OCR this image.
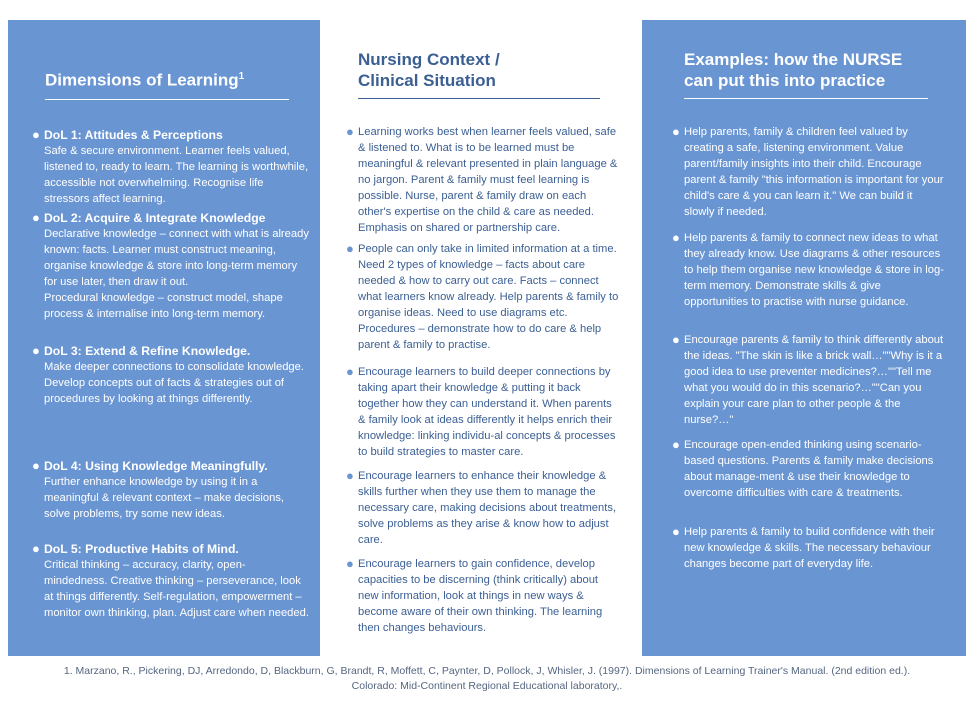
Dimensions of Learning$^1$
● DoL 1: Attitudes & Perceptions
Safe & secure environment. Learner feels valued, listened to, ready to learn. The learning is worthwhile, accessible not overwhelming. Recognise life stressors affect learning.
● DoL 2: Acquire & Integrate Knowledge
Declarative knowledge – connect with what is already known: facts. Learner must construct meaning, organise knowledge & store into long-term memory for use later, then draw it out.
Procedural knowledge – construct model, shape process & internalise into long-term memory.
● DoL 3: Extend & Refine Knowledge.
Make deeper connections to consolidate knowledge. Develop concepts out of facts & strategies out of procedures by looking at things differently.
● DoL 4: Using Knowledge Meaningfully.
Further enhance knowledge by using it in a meaningful & relevant context – make decisions, solve problems, try some new ideas.
● DoL 5: Productive Habits of Mind.
Critical thinking – accuracy, clarity, open-mindedness. Creative thinking – perseverance, look at things differently. Self-regulation, empowerment – monitor own thinking, plan. Adjust care when needed.
Nursing Context /
Clinical Situation
● Learning works best when learner feels valued, safe & listened to. What is to be learned must be meaningful & relevant presented in plain language & no jargon. Parent & family must feel learning is possible. Nurse, parent & family draw on each other's expertise on the child & care as needed. Emphasis on shared or partnership care.
● People can only take in limited information at a time. Need 2 types of knowledge – facts about care needed & how to carry out care. Facts – connect what learners know already. Help parents & family to organise ideas. Need to use diagrams etc. Procedures – demonstrate how to do care & help parent & family to practise.
● Encourage learners to build deeper connections by taking apart their knowledge & putting it back together how they can understand it. When parents & family look at ideas differently it helps enrich their knowledge: linking individu-al concepts & processes to build strategies to master care.
● Encourage learners to enhance their knowledge & skills further when they use them to manage the necessary care, making decisions about treatments, solve problems as they arise & know how to adjust care.
● Encourage learners to gain confidence, develop capacities to be discerning (think critically) about new information, look at things in new ways & become aware of their own thinking. The learning then changes behaviours.
Examples: how the NURSE
can put this into practice
● Help parents, family & children feel valued by creating a safe, listening environment. Value parent/family insights into their child. Encourage parent & family "this information is important for your child's care & you can learn it." We can build it slowly if needed.
● Help parents & family to connect new ideas to what they already know. Use diagrams & other resources to help them organise new knowledge & store in log-term memory. Demonstrate skills & give opportunities to practise with nurse guidance.
● Encourage parents & family to think differently about the ideas. "The skin is like a brick wall…""Why is it a good idea to use preventer medicines?…""Tell me what you would do in this scenario?…""Can you explain your care plan to other people & the nurse?…"
● Encourage open-ended thinking using scenario-based questions. Parents & family make decisions about manage-ment & use their knowledge to overcome difficulties with care & treatments.
● Help parents & family to build confidence with their new knowledge & skills. The necessary behaviour changes become part of everyday life.
1. Marzano, R., Pickering, DJ, Arredondo, D, Blackburn, G, Brandt, R, Moffett, C, Paynter, D, Pollock, J, Whisler, J. (1997). Dimensions of Learning Trainer's Manual. (2nd edition ed.).
Colorado: Mid-Continent Regional Educational laboratory,.
